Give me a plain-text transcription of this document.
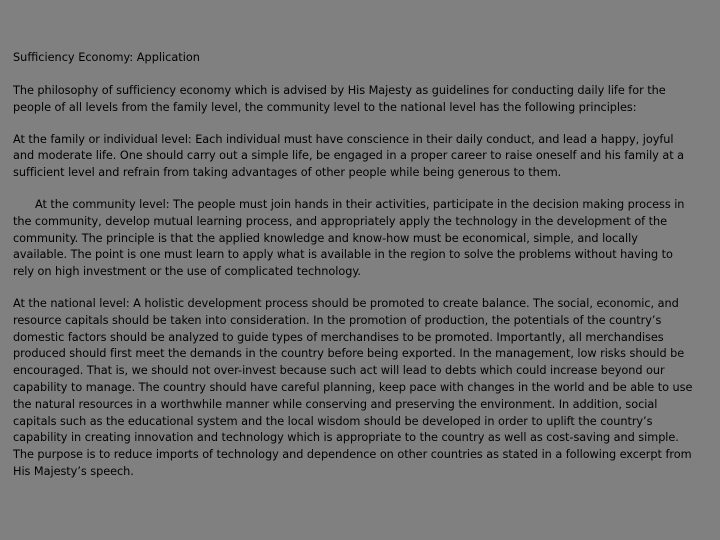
Sufficiency Economy: Application

The philosophy of sufficiency economy which is advised by His Majesty as guidelines for conducting daily life for the people of all levels from the family level, the community level to the national level has the following principles:

At the family or individual level: Each individual must have conscience in their daily conduct, and lead a happy, joyful and moderate life. One should carry out a simple life, be engaged in a proper career to raise oneself and his family at a sufficient level and refrain from taking advantages of other people while being generous to them.

At the community level: The people must join hands in their activities, participate in the decision making process in the community, develop mutual learning process, and appropriately apply the technology in the development of the community. The principle is that the applied knowledge and know-how must be economical, simple, and locally available. The point is one must learn to apply what is available in the region to solve the problems without having to rely on high investment or the use of complicated technology.

At the national level: A holistic development process should be promoted to create balance. The social, economic, and resource capitals should be taken into consideration. In the promotion of production, the potentials of the country’s domestic factors should be analyzed to guide types of merchandises to be promoted. Importantly, all merchandises produced should first meet the demands in the country before being exported. In the management, low risks should be encouraged. That is, we should not over-invest because such act will lead to debts which could increase beyond our capability to manage. The country should have careful planning, keep pace with changes in the world and be able to use the natural resources in a worthwhile manner while conserving and preserving the environment. In addition, social capitals such as the educational system and the local wisdom should be developed in order to uplift the country’s capability in creating innovation and technology which is appropriate to the country as well as cost-saving and simple. The purpose is to reduce imports of technology and dependence on other countries as stated in a following excerpt from His Majesty’s speech.
